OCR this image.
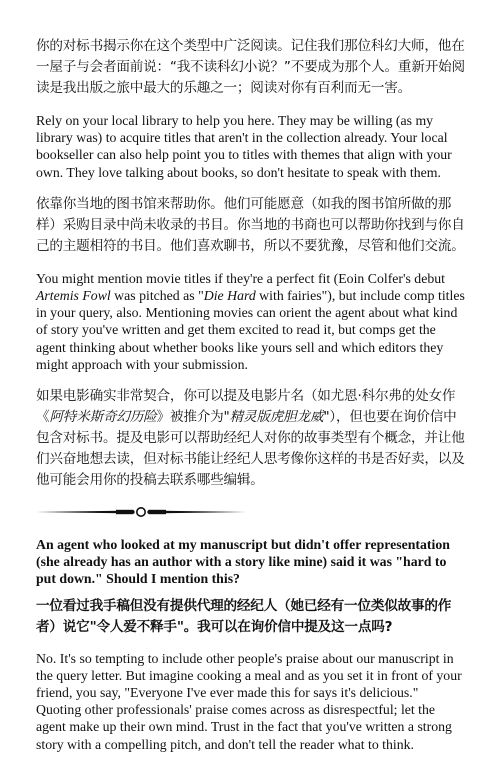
你的对标书揭示你在这个类型中广泛阅读。记住我们那位科幻大师，他在一屋子与会者面前说：“我不读科幻小说？”不要成为那个人。重新开始阅读是我出版之旅中最大的乐趣之一；阅读对你有百利而无一害。

Rely on your local library to help you here. They may be willing (as my library was) to acquire titles that aren't in the collection already. Your local bookseller can also help point you to titles with themes that align with your own. They love talking about books, so don't hesitate to speak with them.

依靠你当地的图书馆来帮助你。他们可能愿意（如我的图书馆所做的那样）采购目录中尚未收录的书目。你当地的书商也可以帮助你找到与你自己的主题相符的书目。他们喜欢聊书，所以不要犹豫，尽管和他们交流。

You might mention movie titles if they're a perfect fit (Eoin Colfer's debut Artemis Fowl was pitched as "Die Hard with fairies"), but include comp titles in your query, also. Mentioning movies can orient the agent about what kind of story you've written and get them excited to read it, but comps get the agent thinking about whether books like yours sell and which editors they might approach with your submission.

如果电影确实非常契合，你可以提及电影片名（如尤恩·科尔弗的处女作《阿特米斯奇幻历险》被推介为"精灵版虎胆龙威"），但也要在询价信中包含对标书。提及电影可以帮助经纪人对你的故事类型有个概念，并让他们兴奋地想去读，但对标书能让经纪人思考像你这样的书是否好卖，以及他可能会用你的投稿去联系哪些编辑。

An agent who looked at my manuscript but didn't offer representation (she already has an author with a story like mine) said it was "hard to put down." Should I mention this?

一位看过我手稿但没有提供代理的经纪人（她已经有一位类似故事的作者）说它"令人爱不释手"。我可以在询价信中提及这一点吗?

No. It's so tempting to include other people's praise about our manuscript in the query letter. But imagine cooking a meal and as you set it in front of your friend, you say, "Everyone I've ever made this for says it's delicious." Quoting other professionals' praise comes across as disrespectful; let the agent make up their own mind. Trust in the fact that you've written a strong story with a compelling pitch, and don't tell the reader what to think.
